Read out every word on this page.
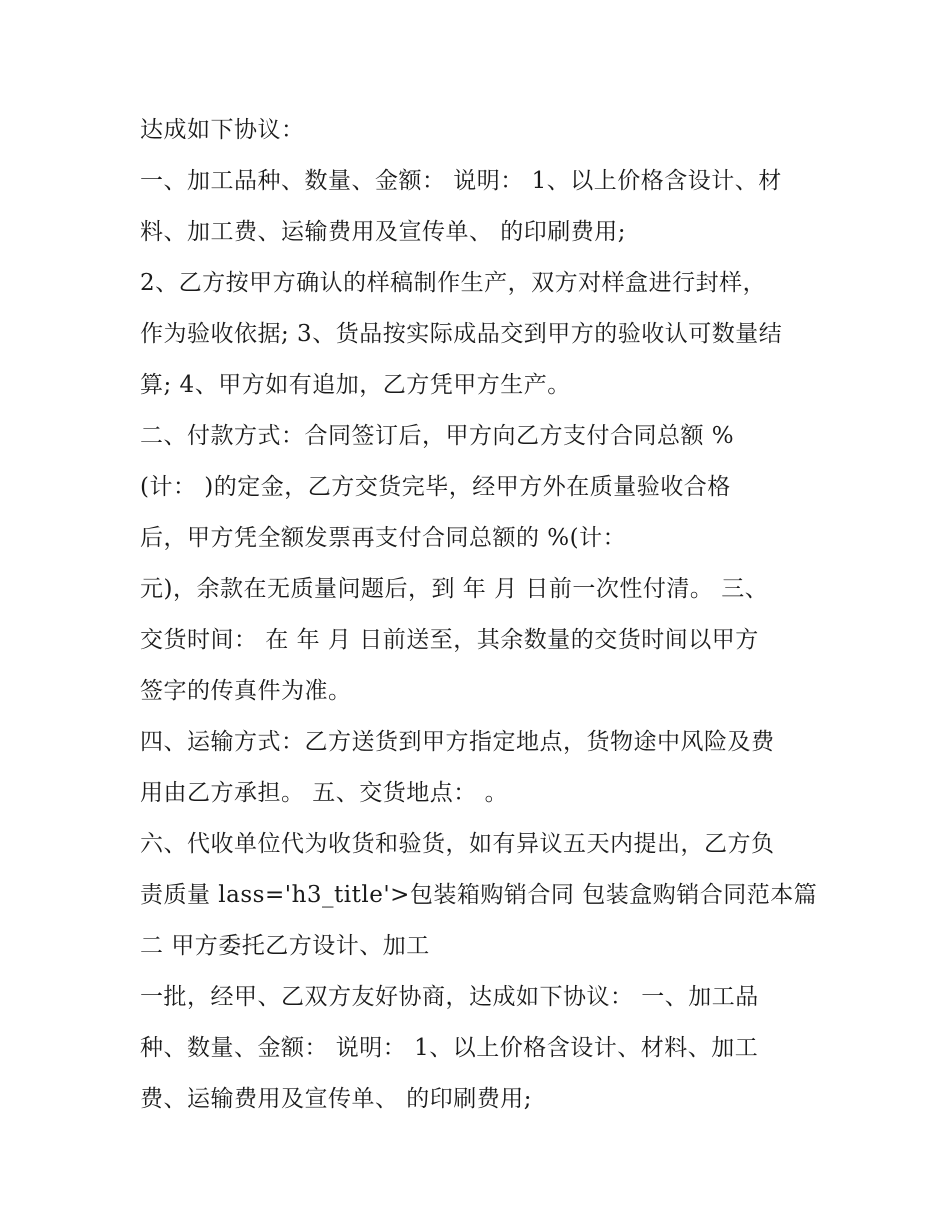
达成如下协议：
一、加工品种、数量、金额： 说明： 1、以上价格含设计、材
料、加工费、运输费用及宣传单、 的印刷费用;
2、乙方按甲方确认的样稿制作生产，双方对样盒进行封样，
作为验收依据; 3、货品按实际成品交到甲方的验收认可数量结
算; 4、甲方如有追加，乙方凭甲方生产。
二、付款方式：合同签订后，甲方向乙方支付合同总额 %
(计： )的定金，乙方交货完毕，经甲方外在质量验收合格
后，甲方凭全额发票再支付合同总额的 %(计：
元)，余款在无质量问题后，到 年 月 日前一次性付清。 三、
交货时间： 在 年 月 日前送至，其余数量的交货时间以甲方
签字的传真件为准。
四、运输方式：乙方送货到甲方指定地点，货物途中风险及费
用由乙方承担。 五、交货地点： 。
六、代收单位代为收货和验货，如有异议五天内提出，乙方负
责质量 lass='h3_title'>包装箱购销合同 包装盒购销合同范本篇
二 甲方委托乙方设计、加工
一批，经甲、乙双方友好协商，达成如下协议： 一、加工品
种、数量、金额： 说明： 1、以上价格含设计、材料、加工
费、运输费用及宣传单、 的印刷费用;
